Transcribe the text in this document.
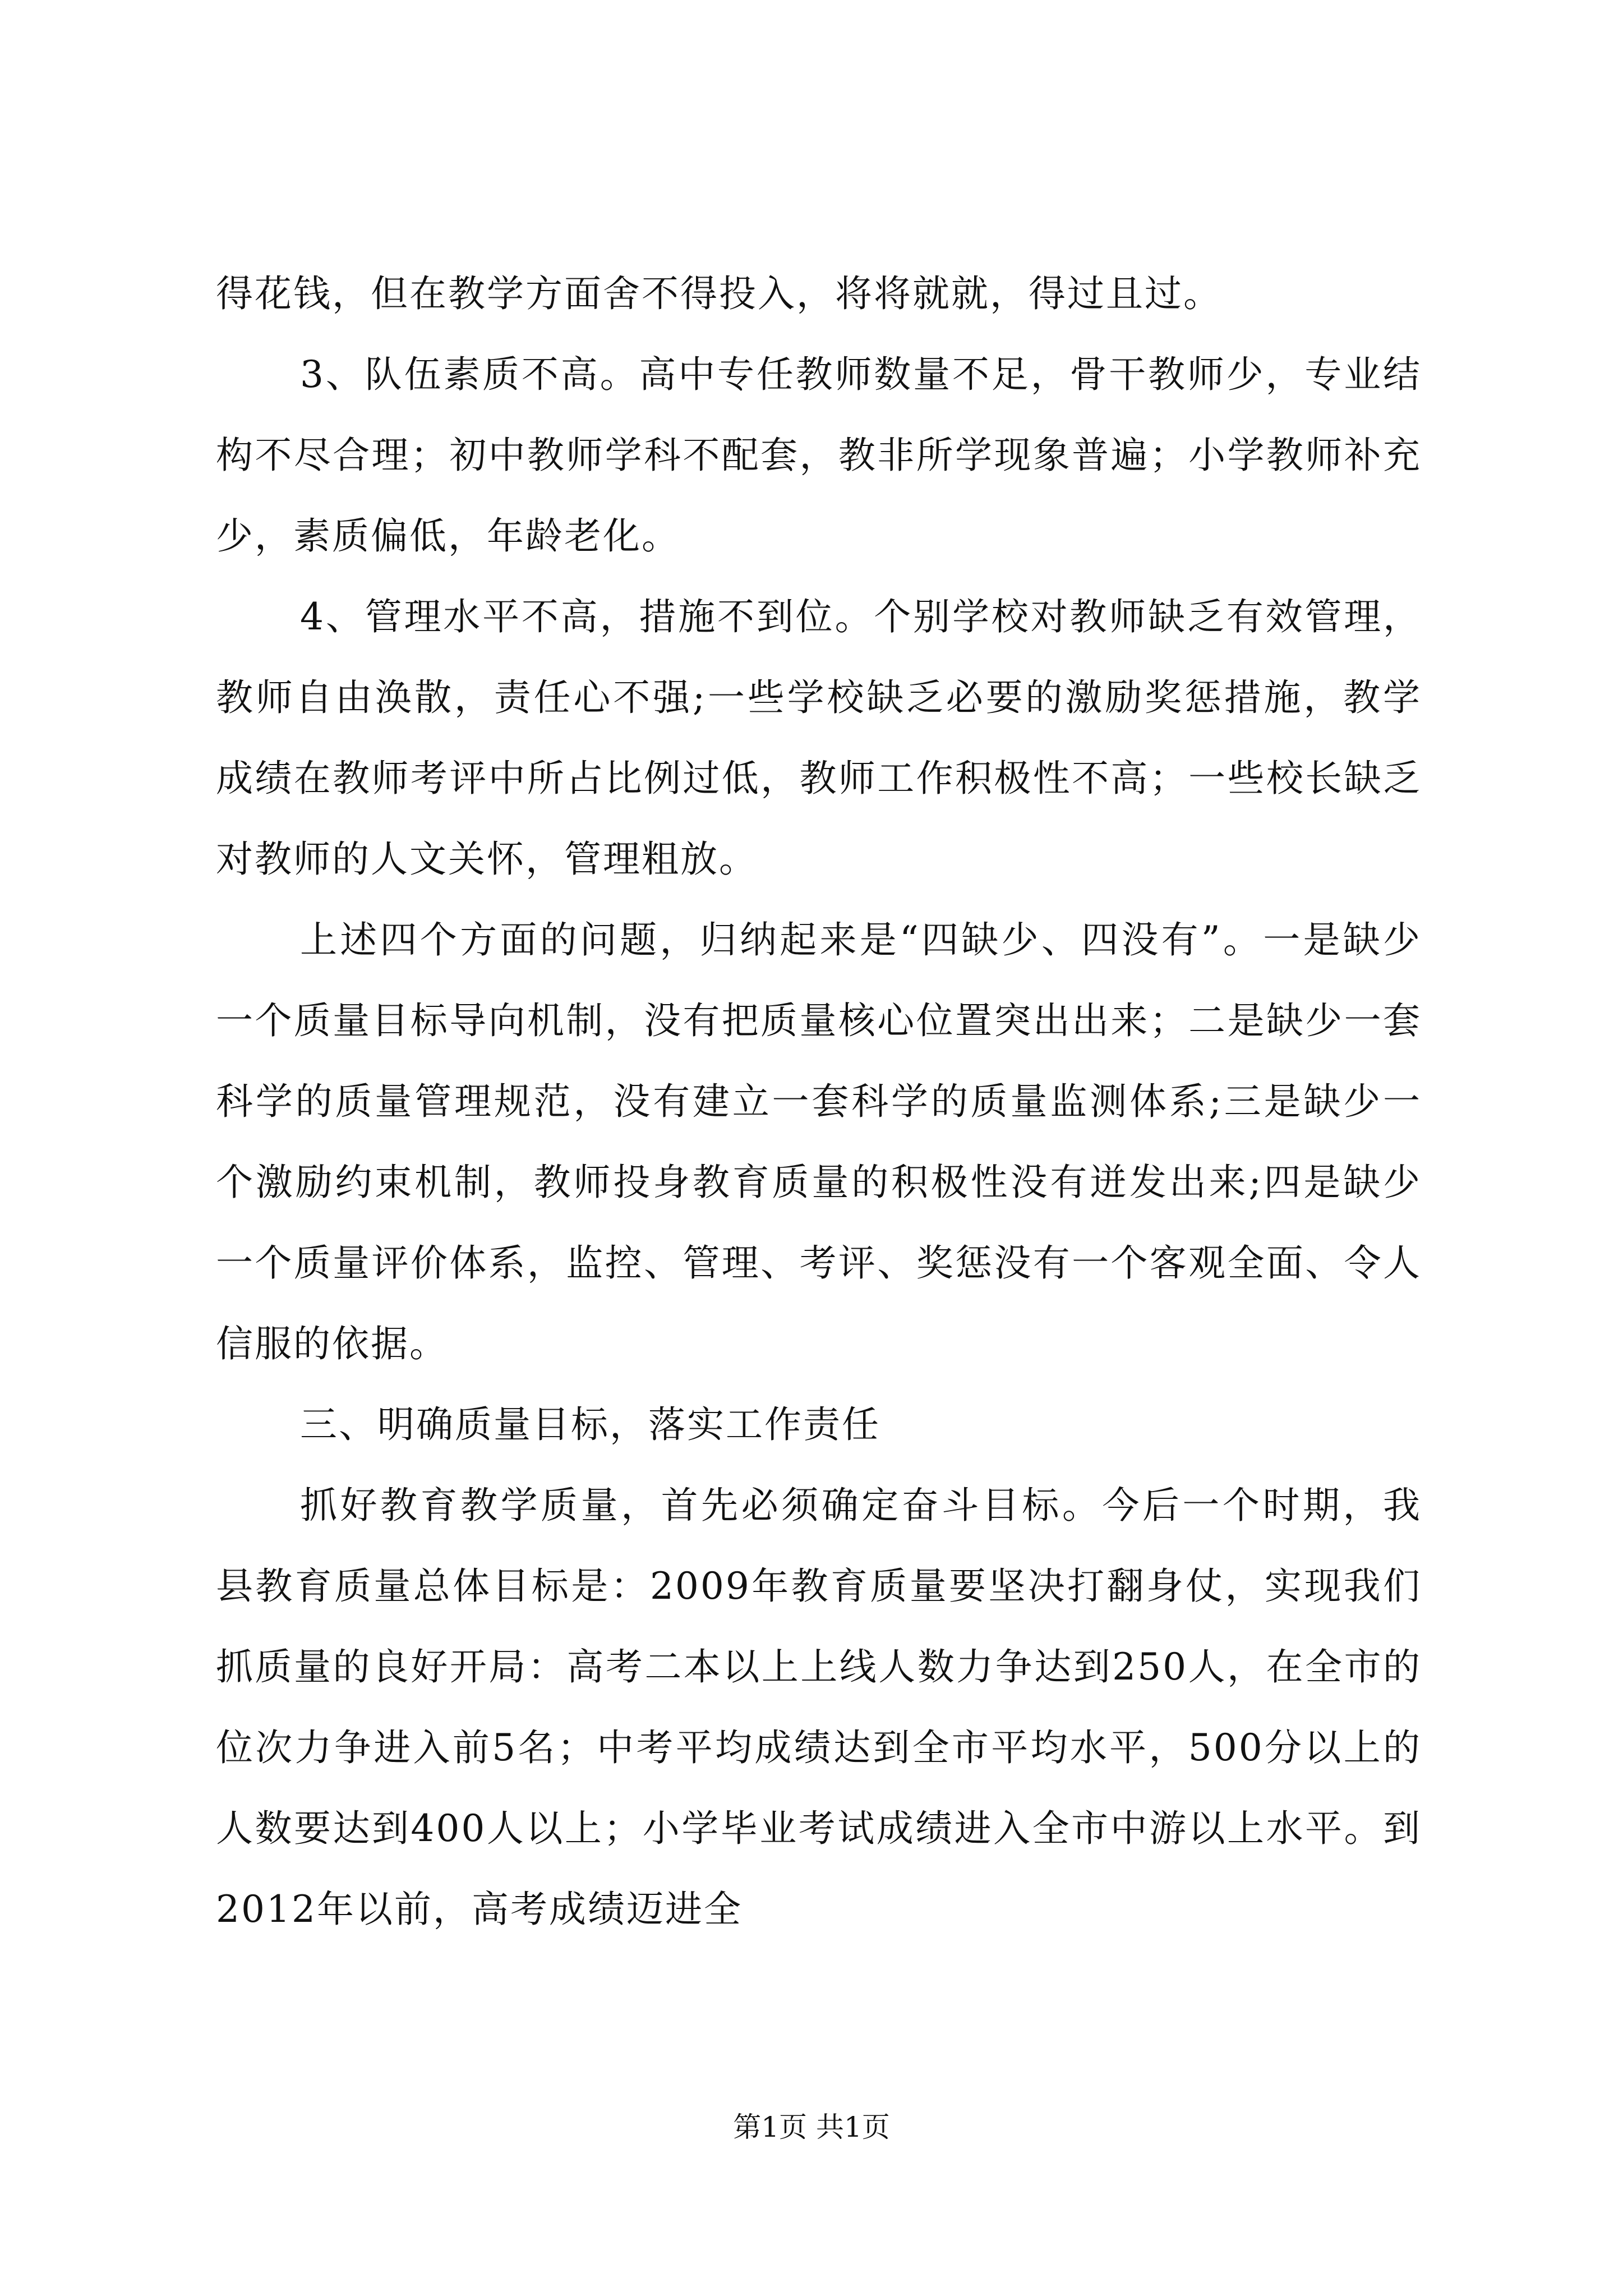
得花钱，但在教学方面舍不得投入，将将就就，得过且过。

3、队伍素质不高。高中专任教师数量不足，骨干教师少，专业结构不尽合理；初中教师学科不配套，教非所学现象普遍；小学教师补充少，素质偏低，年龄老化。

4、管理水平不高，措施不到位。个别学校对教师缺乏有效管理，教师自由涣散，责任心不强;一些学校缺乏必要的激励奖惩措施，教学成绩在教师考评中所占比例过低，教师工作积极性不高；一些校长缺乏对教师的人文关怀，管理粗放。

上述四个方面的问题，归纳起来是“四缺少、四没有”。一是缺少一个质量目标导向机制，没有把质量核心位置突出出来；二是缺少一套科学的质量管理规范，没有建立一套科学的质量监测体系;三是缺少一个激励约束机制，教师投身教育质量的积极性没有迸发出来;四是缺少一个质量评价体系，监控、管理、考评、奖惩没有一个客观全面、令人信服的依据。

三、明确质量目标，落实工作责任

抓好教育教学质量，首先必须确定奋斗目标。今后一个时期，我县教育质量总体目标是：2009年教育质量要坚决打翻身仗，实现我们抓质量的良好开局：高考二本以上上线人数力争达到250人，在全市的位次力争进入前5名；中考平均成绩达到全市平均水平，500分以上的人数要达到400人以上；小学毕业考试成绩进入全市中游以上水平。到2012年以前，高考成绩迈进全

第1页 共1页
